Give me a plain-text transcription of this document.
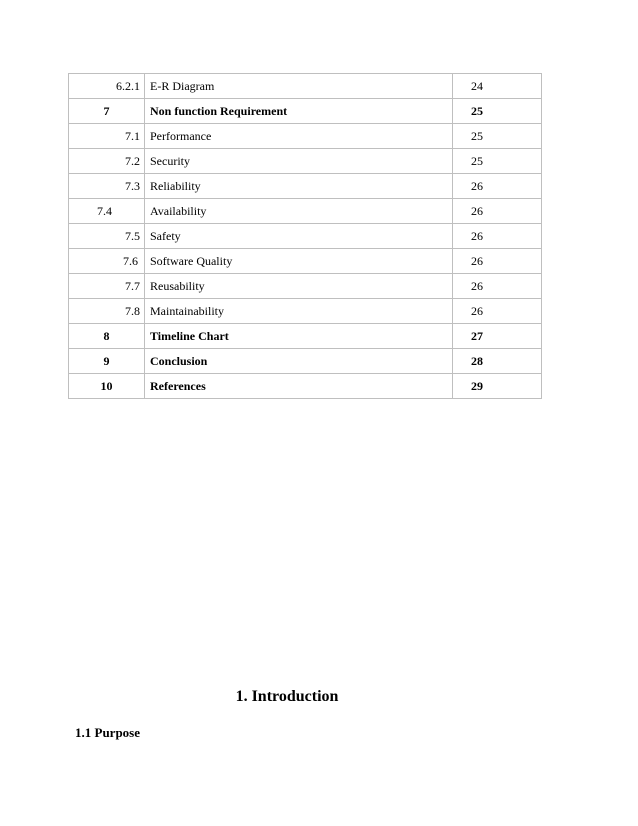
6.2.1	E-R Diagram	24
7	Non function Requirement	25
7.1	Performance	25
7.2	Security	25
7.3	Reliability	26
7.4	Availability	26
7.5	Safety	26
7.6	Software Quality	26
7.7	Reusability	26
7.8	Maintainability	26
8	Timeline Chart	27
9	Conclusion	28
10	References	29
1. Introduction
1.1 Purpose
